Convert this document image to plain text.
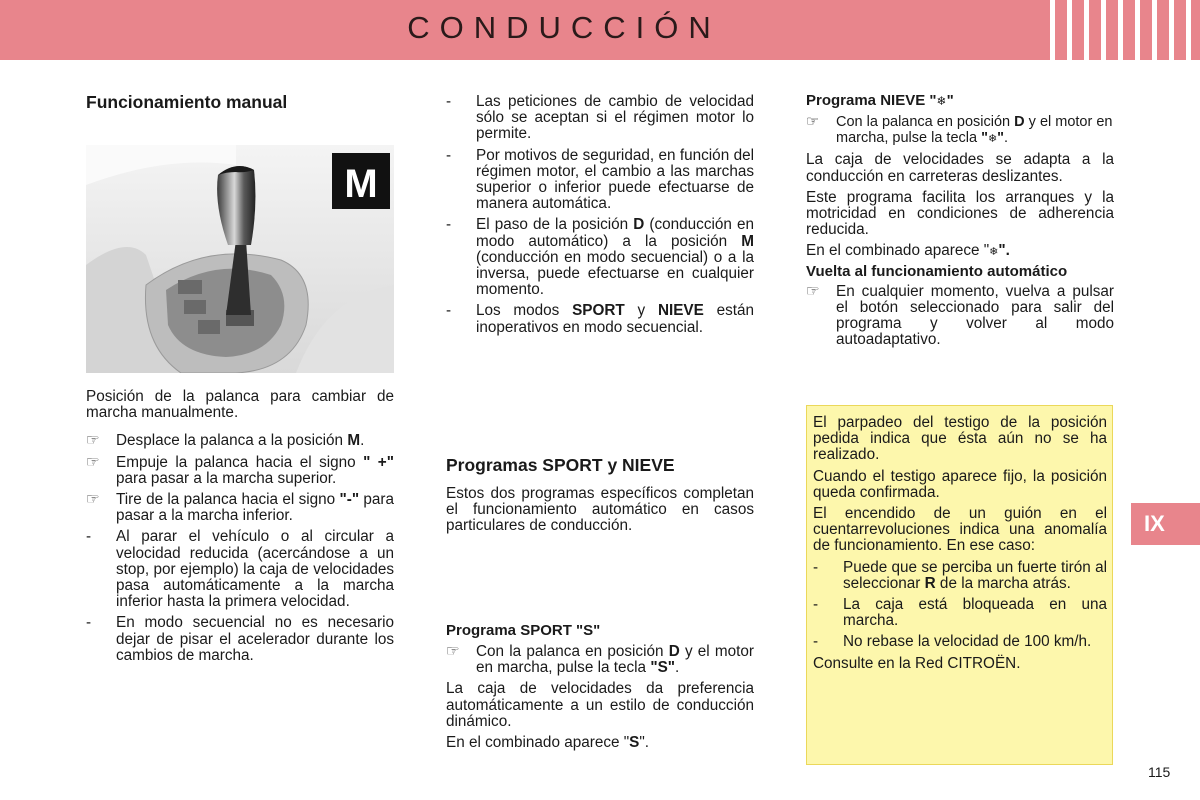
CONDUCCIÓN
Funcionamiento manual
M

Posición de la palanca para cambiar de marcha manualmente.

☞	Desplace la palanca a la posición M.
☞	Empuje la palanca hacia el signo " +" para pasar a la marcha superior.
☞	Tire de la palanca hacia el signo "-" para pasar a la marcha inferior.
-	Al parar el vehículo o al circular a velocidad reducida (acercándose a un stop, por ejemplo) la caja de velocidades pasa automáticamente a la marcha inferior hasta la primera velocidad.
-	En modo secuencial no es necesario dejar de pisar el acelerador durante los cambios de marcha.
-	Las peticiones de cambio de velocidad sólo se aceptan si el régimen motor lo permite.
-	Por motivos de seguridad, en función del régimen motor, el cambio a las marchas superior o inferior puede efectuarse de manera automática.
-	El paso de la posición D (conducción en modo automático) a la posición M (conducción en modo secuencial) o a la inversa, puede efectuarse en cualquier momento.
-	Los modos SPORT y NIEVE están inoperativos en modo secuencial.
Programas SPORT y NIEVE

Estos dos programas específicos completan el funcionamiento automático en casos particulares de conducción.

Programa SPORT "S"
☞	Con la palanca en posición D y el motor en marcha, pulse la tecla "S".

La caja de velocidades da preferencia automáticamente a un estilo de conducción dinámico.

En el combinado aparece "S".

Programa NIEVE "❄"
☞	Con la palanca en posición D y el motor en marcha, pulse la tecla "❄".

La caja de velocidades se adapta a la conducción en carreteras deslizantes.

Este programa facilita los arranques y la motricidad en condiciones de adherencia reducida.

En el combinado aparece "❄".

Vuelta al funcionamiento automático
☞	En cualquier momento, vuelva a pulsar el botón seleccionado para salir del programa y volver al modo autoadaptativo.

El parpadeo del testigo de la posición pedida indica que ésta aún no se ha realizado.

Cuando el testigo aparece fijo, la posición queda confirmada.

El encendido de un guión en el cuentarrevoluciones indica una anomalía de funcionamiento. En ese caso:

-	Puede que se perciba un fuerte tirón al seleccionar R de la marcha atrás.
-	La caja está bloqueada en una marcha.
-	No rebase la velocidad de 100 km/h.

Consulte en la Red CITROËN.

IX
115
